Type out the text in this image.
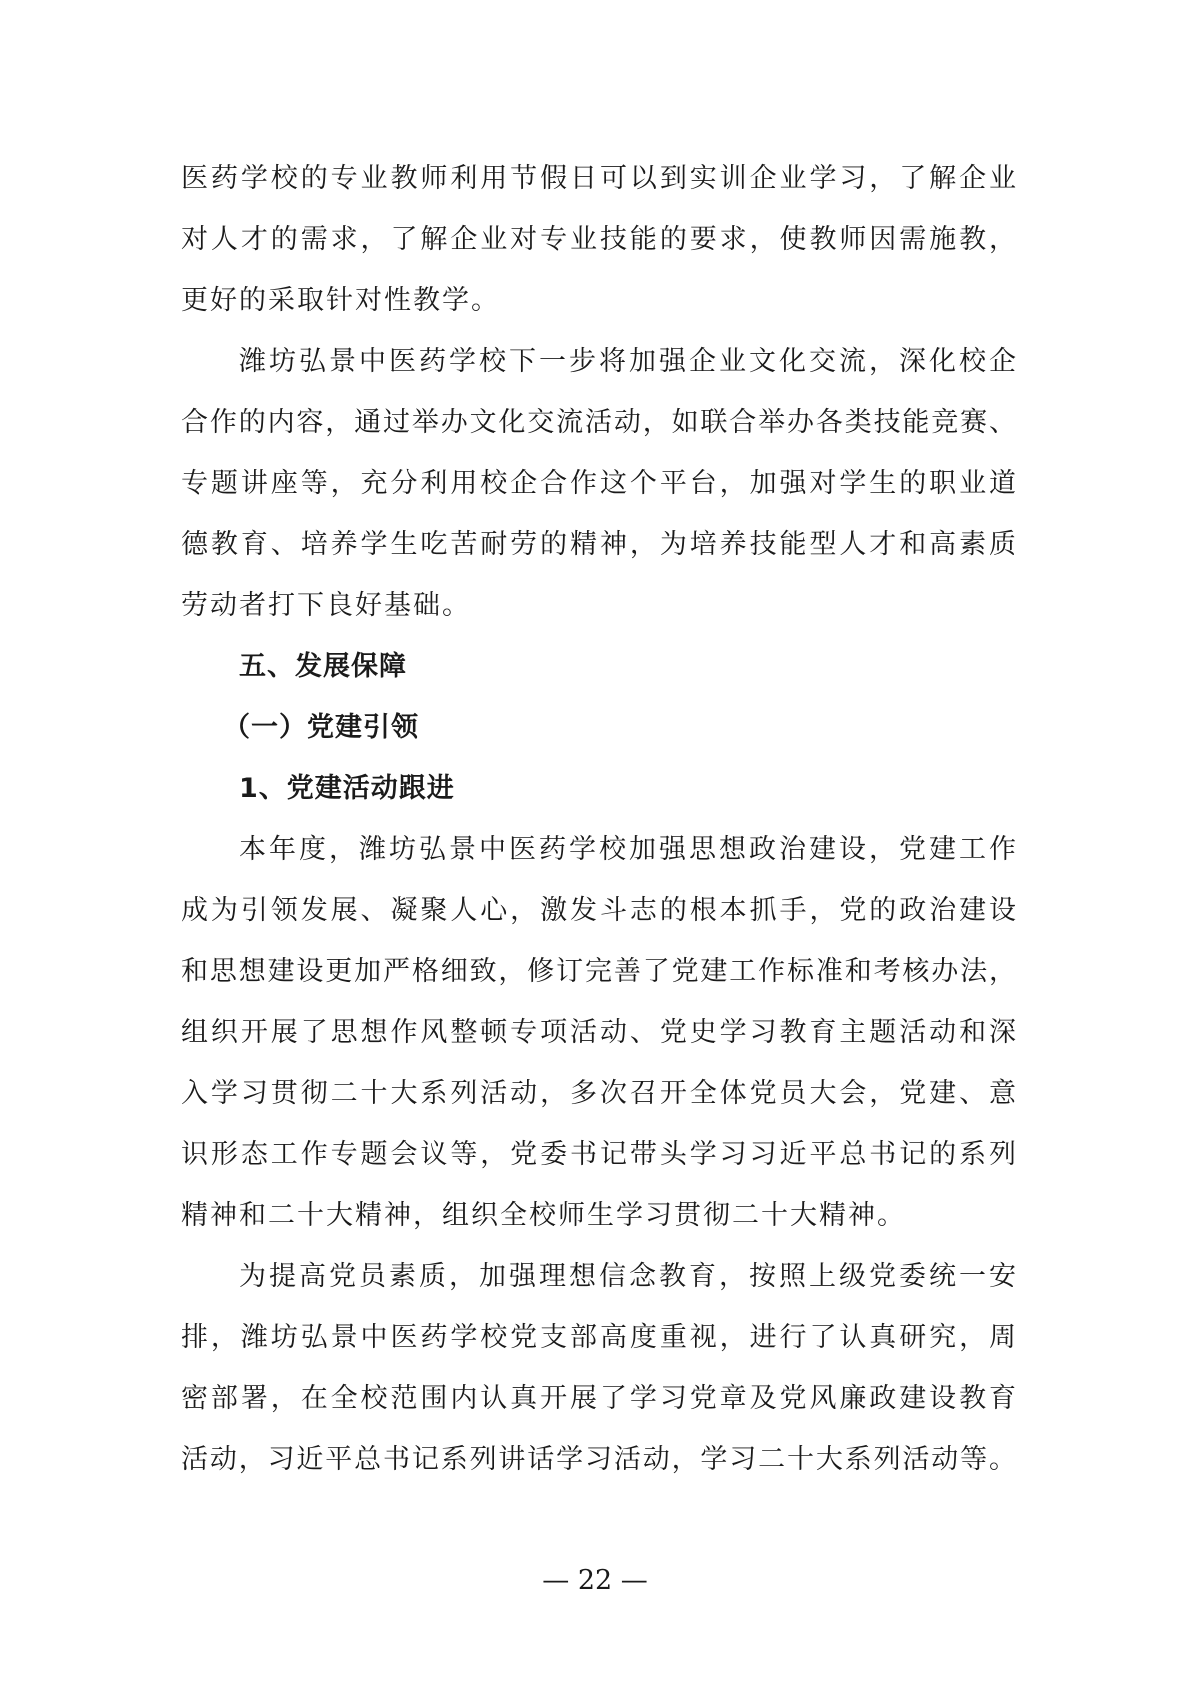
医药学校的专业教师利用节假日可以到实训企业学习，了解企业
对人才的需求，了解企业对专业技能的要求，使教师因需施教，
更好的采取针对性教学。
潍坊弘景中医药学校下一步将加强企业文化交流，深化校企
合作的内容，通过举办文化交流活动，如联合举办各类技能竞赛、
专题讲座等，充分利用校企合作这个平台，加强对学生的职业道
德教育、培养学生吃苦耐劳的精神，为培养技能型人才和高素质
劳动者打下良好基础。
五、发展保障
（一）党建引领
1、党建活动跟进
本年度，潍坊弘景中医药学校加强思想政治建设，党建工作
成为引领发展、凝聚人心，激发斗志的根本抓手，党的政治建设
和思想建设更加严格细致，修订完善了党建工作标准和考核办法，
组织开展了思想作风整顿专项活动、党史学习教育主题活动和深
入学习贯彻二十大系列活动，多次召开全体党员大会，党建、意
识形态工作专题会议等，党委书记带头学习习近平总书记的系列
精神和二十大精神，组织全校师生学习贯彻二十大精神。
为提高党员素质，加强理想信念教育，按照上级党委统一安
排，潍坊弘景中医药学校党支部高度重视，进行了认真研究，周
密部署，在全校范围内认真开展了学习党章及党风廉政建设教育
活动，习近平总书记系列讲话学习活动，学习二十大系列活动等。
— 22 —
